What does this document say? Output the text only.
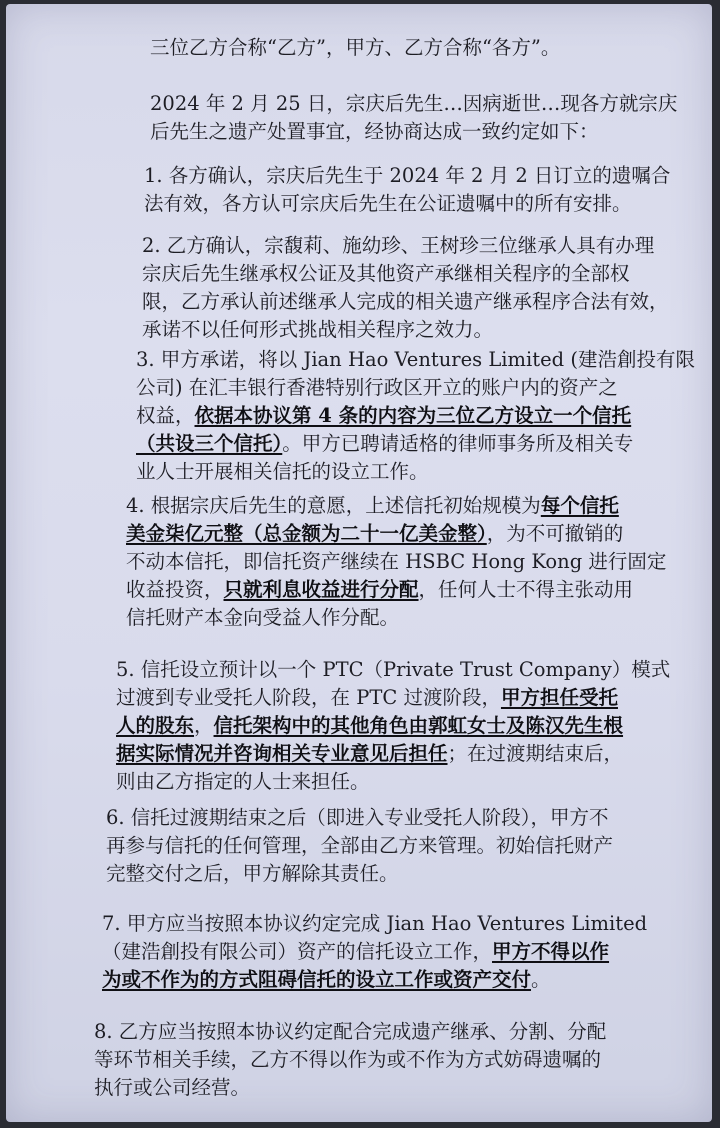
三位乙方合称“乙方”，甲方、乙方合称“各方”。

2024 年 2 月 25 日，宗庆后先生…因病逝世…现各方就宗庆
后先生之遗产处置事宜，经协商达成一致约定如下：

1. 各方确认，宗庆后先生于 2024 年 2 月 2 日订立的遗嘱合
法有效，各方认可宗庆后先生在公证遗嘱中的所有安排。

2. 乙方确认，宗馥莉、施幼珍、王树珍三位继承人具有办理
宗庆后先生继承权公证及其他资产承继相关程序的全部权
限，乙方承认前述继承人完成的相关遗产继承程序合法有效，
承诺不以任何形式挑战相关程序之效力。

3. 甲方承诺，将以 Jian Hao Ventures Limited (建浩創投有限
公司) 在汇丰银行香港特别行政区开立的账户内的资产之
权益，依据本协议第 4 条的内容为三位乙方设立一个信托
（共设三个信托）。甲方已聘请适格的律师事务所及相关专
业人士开展相关信托的设立工作。

4. 根据宗庆后先生的意愿，上述信托初始规模为每个信托
美金柒亿元整（总金额为二十一亿美金整），为不可撤销的
不动本信托，即信托资产继续在 HSBC Hong Kong 进行固定
收益投资，只就利息收益进行分配，任何人士不得主张动用
信托财产本金向受益人作分配。

5. 信托设立预计以一个 PTC（Private Trust Company）模式
过渡到专业受托人阶段，在 PTC 过渡阶段，甲方担任受托
人的股东，信托架构中的其他角色由郭虹女士及陈汉先生根
据实际情况并咨询相关专业意见后担任；在过渡期结束后，
则由乙方指定的人士来担任。

6. 信托过渡期结束之后（即进入专业受托人阶段），甲方不
再参与信托的任何管理，全部由乙方来管理。初始信托财产
完整交付之后，甲方解除其责任。

7. 甲方应当按照本协议约定完成 Jian Hao Ventures Limited
（建浩創投有限公司）资产的信托设立工作，甲方不得以作
为或不作为的方式阻碍信托的设立工作或资产交付。

8. 乙方应当按照本协议约定配合完成遗产继承、分割、分配
等环节相关手续，乙方不得以作为或不作为方式妨碍遗嘱的
执行或公司经营。
